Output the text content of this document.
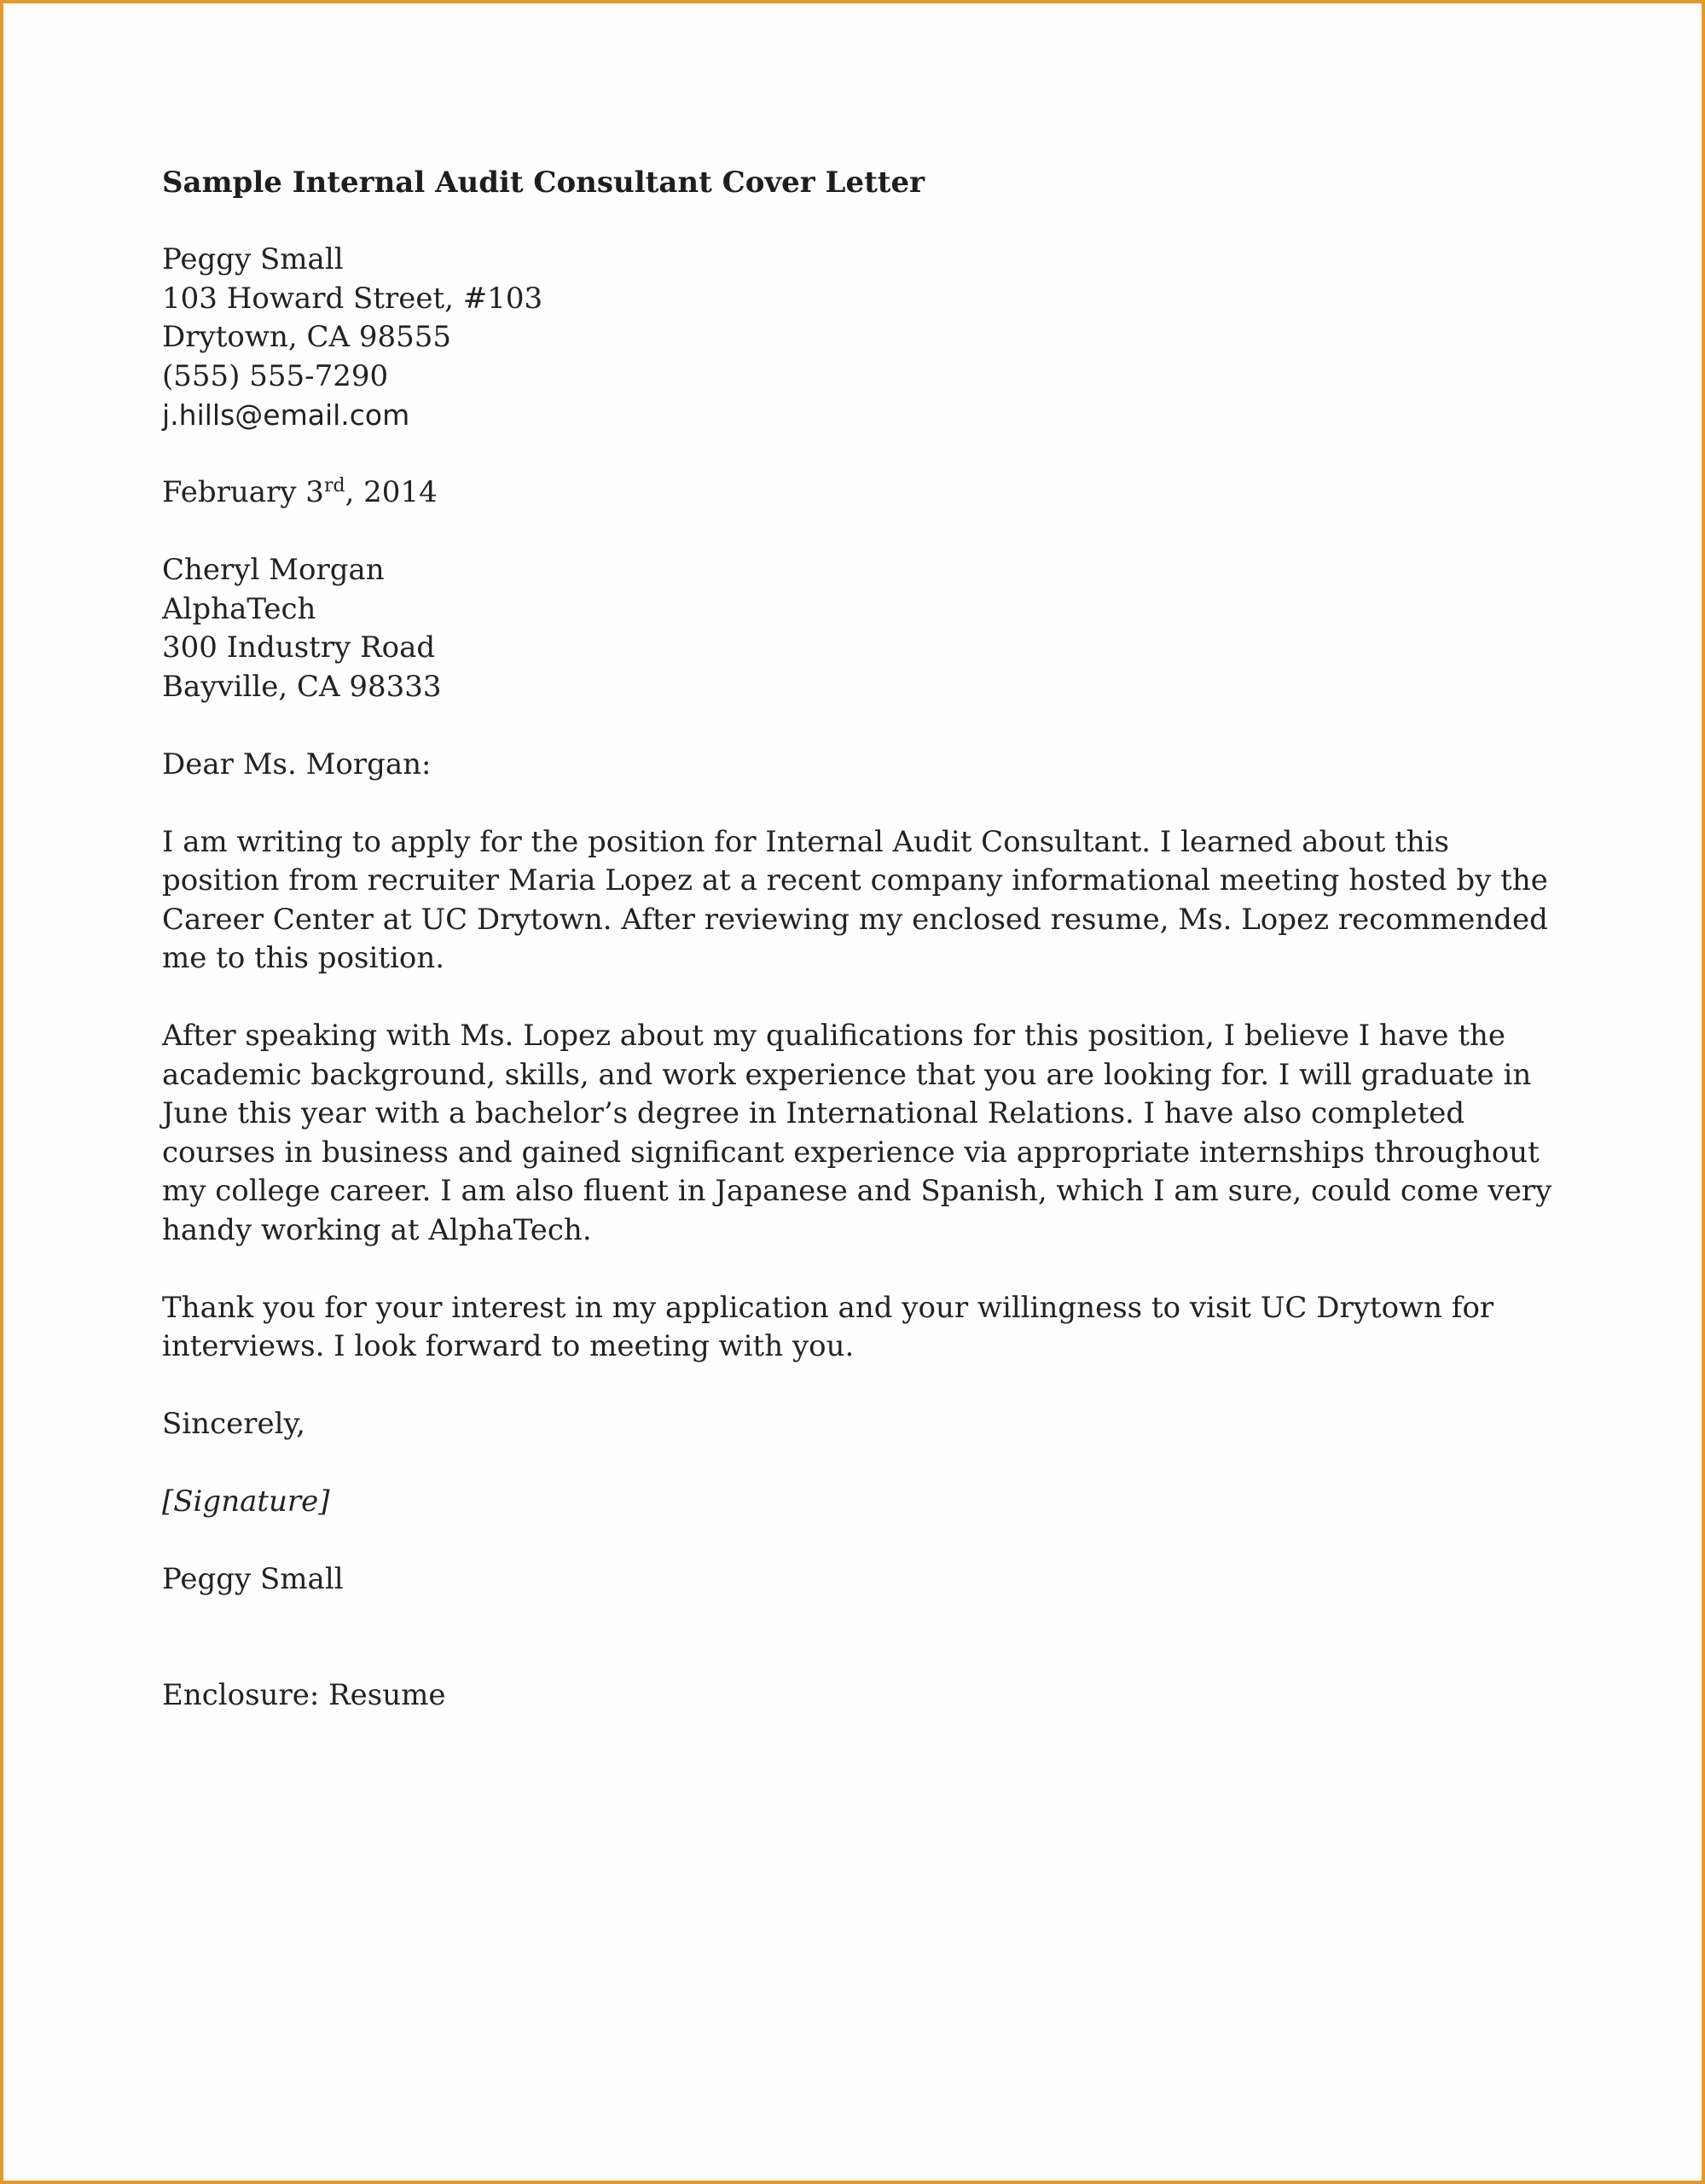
Sample Internal Audit Consultant Cover Letter
Peggy Small
103 Howard Street, #103
Drytown, CA 98555
(555) 555-7290
j.hills@email.com
February 3rd, 2014
Cheryl Morgan
AlphaTech
300 Industry Road
Bayville, CA 98333
Dear Ms. Morgan:

I am writing to apply for the position for Internal Audit Consultant. I learned about this position from recruiter Maria Lopez at a recent company informational meeting hosted by the Career Center at UC Drytown. After reviewing my enclosed resume, Ms. Lopez recommended me to this position.

After speaking with Ms. Lopez about my qualifications for this position, I believe I have the academic background, skills, and work experience that you are looking for. I will graduate in June this year with a bachelor’s degree in International Relations. I have also completed courses in business and gained significant experience via appropriate internships throughout my college career. I am also fluent in Japanese and Spanish, which I am sure, could come very handy working at AlphaTech.

Thank you for your interest in my application and your willingness to visit UC Drytown for interviews. I look forward to meeting with you.

Sincerely,
[Signature]
Peggy Small
Enclosure: Resume
